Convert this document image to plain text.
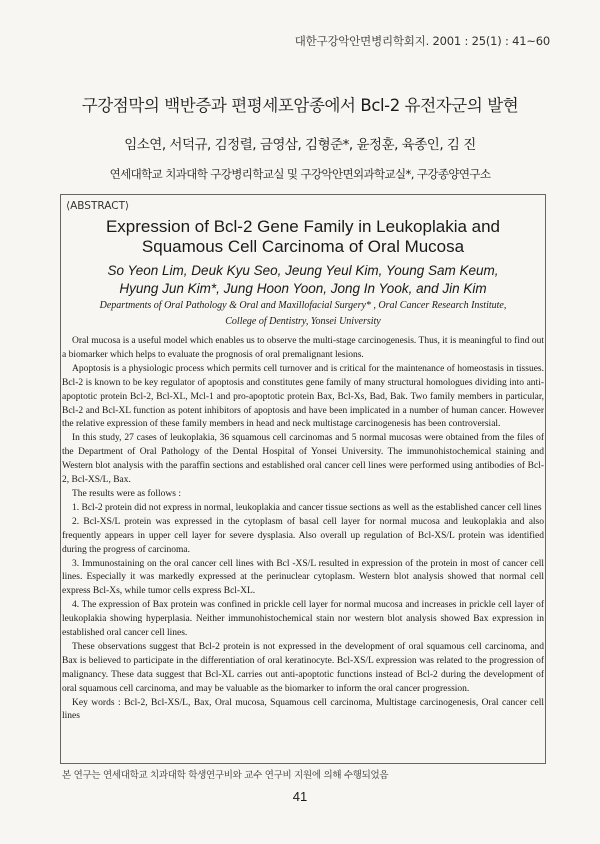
대한구강악안면병리학회지. 2001 : 25(1) : 41~60
구강점막의 백반증과 편평세포암종에서 Bcl-2 유전자군의 발현
임소연, 서덕규, 김정렬, 금영삼, 김형준*, 윤정훈, 육종인, 김 진
연세대학교 치과대학 구강병리학교실 및 구강악안면외과학교실*, 구강종양연구소
⟨ABSTRACT⟩
Expression of Bcl-2 Gene Family in Leukoplakia and
Squamous Cell Carcinoma of Oral Mucosa
So Yeon Lim, Deuk Kyu Seo, Jeung Yeul Kim, Young Sam Keum,
Hyung Jun Kim*, Jung Hoon Yoon, Jong In Yook, and Jin Kim
Departments of Oral Pathology & Oral and Maxillofacial Surgery* , Oral Cancer Research Institute,
College of Dentistry, Yonsei University

Oral mucosa is a useful model which enables us to observe the multi-stage carcinogenesis. Thus, it is meaningful to find out a biomarker which helps to evaluate the prognosis of oral premalignant lesions.

Apoptosis is a physiologic process which permits cell turnover and is critical for the maintenance of homeostasis in tissues. Bcl-2 is known to be key regulator of apoptosis and constitutes gene family of many structural homologues dividing into anti-apoptotic protein Bcl-2, Bcl-XL, Mcl-1 and pro-apoptotic protein Bax, Bcl-Xs, Bad, Bak. Two family members in particular, Bcl-2 and Bcl-XL function as potent inhibitors of apoptosis and have been implicated in a number of human cancer. However the relative expression of these family members in head and neck multistage carcinogenesis has been controversial.

In this study, 27 cases of leukoplakia, 36 squamous cell carcinomas and 5 normal mucosas were obtained from the files of the Department of Oral Pathology of the Dental Hospital of Yonsei University. The immunohistochemical staining and Western blot analysis with the paraffin sections and established oral cancer cell lines were performed using antibodies of Bcl-2, Bcl-XS/L, Bax.

The results were as follows :

1. Bcl-2 protein did not express in normal, leukoplakia and cancer tissue sections as well as the established cancer cell lines

2. Bcl-XS/L protein was expressed in the cytoplasm of basal cell layer for normal mucosa and leukoplakia and also frequently appears in upper cell layer for severe dysplasia. Also overall up regulation of Bcl-XS/L protein was identified during the progress of carcinoma.

3. Immunostaining on the oral cancer cell lines with Bcl -XS/L resulted in expression of the protein in most of cancer cell lines. Especially it was markedly expressed at the perinuclear cytoplasm. Western blot analysis showed that normal cell express Bcl-Xs, while tumor cells express Bcl-XL.

4. The expression of Bax protein was confined in prickle cell layer for normal mucosa and increases in prickle cell layer of leukoplakia showing hyperplasia. Neither immunohistochemical stain nor western blot analysis showed Bax expression in established oral cancer cell lines.

These observations suggest that Bcl-2 protein is not expressed in the development of oral squamous cell carcinoma, and Bax is believed to participate in the differentiation of oral keratinocyte. Bcl-XS/L expression was related to the progression of malignancy. These data suggest that Bcl-XL carries out anti-apoptotic functions instead of Bcl-2 during the development of oral squamous cell carcinoma, and may be valuable as the biomarker to inform the oral cancer progression.

Key words : Bcl-2, Bcl-XS/L, Bax, Oral mucosa, Squamous cell carcinoma, Multistage carcinogenesis, Oral cancer cell lines

본 연구는 연세대학교 치과대학 학생연구비와 교수 연구비 지원에 의해 수행되었음
41
